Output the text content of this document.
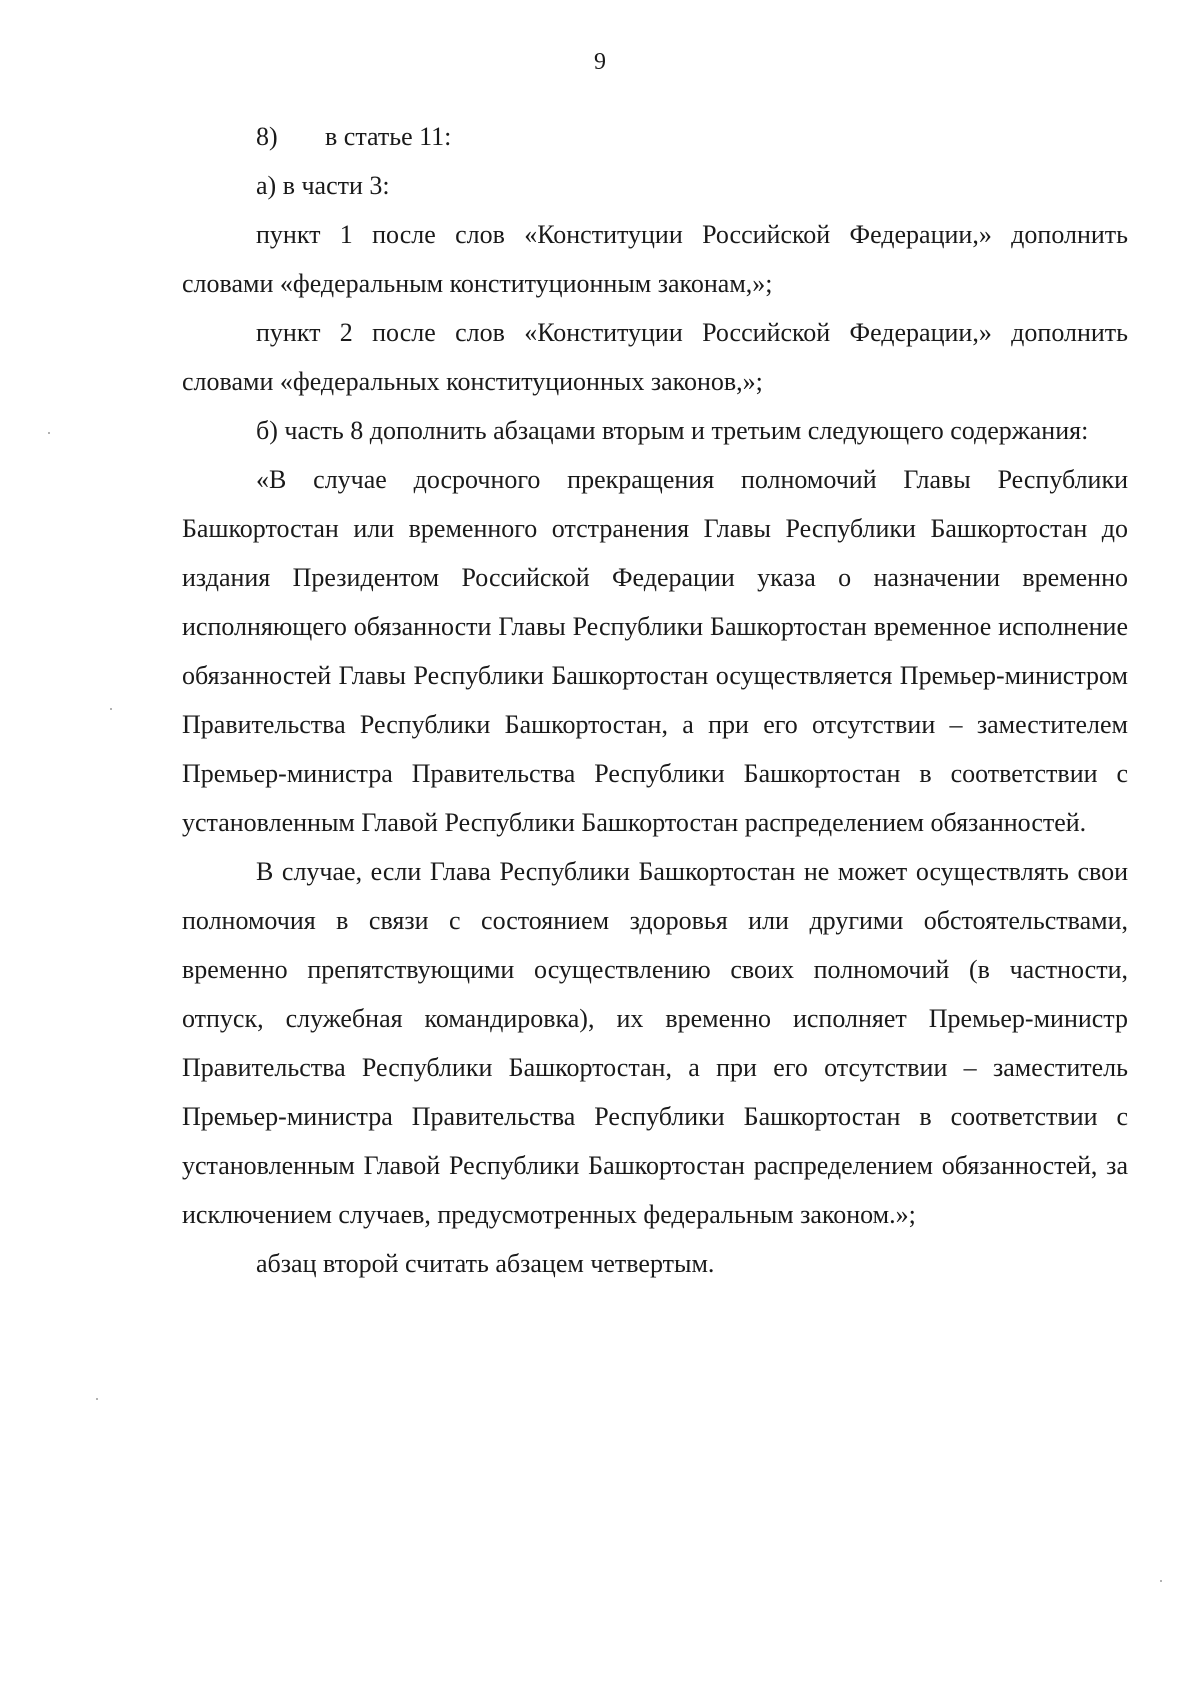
9

8) в статье 11:

а) в части 3:

пункт 1 после слов «Конституции Российской Федерации,» дополнить словами «федеральным конституционным законам,»;

пункт 2 после слов «Конституции Российской Федерации,» дополнить словами «федеральных конституционных законов,»;

б) часть 8 дополнить абзацами вторым и третьим следующего содержания:

«В случае досрочного прекращения полномочий Главы Республики Башкортостан или временного отстранения Главы Республики Башкортостан до издания Президентом Российской Федерации указа о назначении временно исполняющего обязанности Главы Республики Башкортостан временное исполнение обязанностей Главы Республики Башкортостан осуществляется Премьер-министром Правительства Республики Башкортостан, а при его отсутствии – заместителем Премьер-министра Правительства Республики Башкортостан в соответствии с установленным Главой Республики Башкортостан распределением обязанностей.

В случае, если Глава Республики Башкортостан не может осуществлять свои полномочия в связи с состоянием здоровья или другими обстоятельствами, временно препятствующими осуществлению своих полномочий (в частности, отпуск, служебная командировка), их временно исполняет Премьер-министр Правительства Республики Башкортостан, а при его отсутствии – заместитель Премьер-министра Правительства Республики Башкортостан в соответствии с установленным Главой Республики Башкортостан распределением обязанностей, за исключением случаев, предусмотренных федеральным законом.»;

абзац второй считать абзацем четвертым.
